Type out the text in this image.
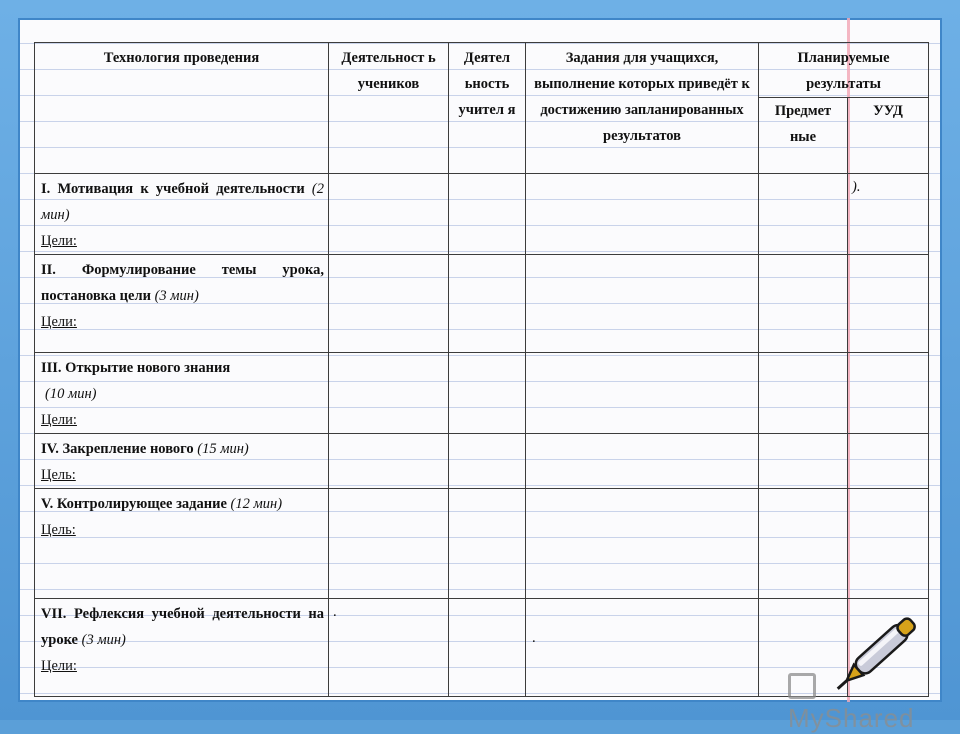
Технология проведения	Деятельност ь учеников	Деятел ьность учител я	Задания для учащихся, выполнение которых приведёт к достижению запланированных результатов	Планируемые результаты	
				Предмет ные	УУД
I. Мотивация к учебной деятельности (2 мин)
Цели:					).
II. Формулирование темы урока, постановка цели (3 мин)
Цели:					

III. Открытие нового знания
(10 мин)
Цели:					

IV. Закрепление нового (15 мин)
Цель:					

V. Контролирующее задание (12 мин)
Цель:					

VII. Рефлексия учебной деятельности на уроке (3 мин)
Цели:	.		.		
MyShared
